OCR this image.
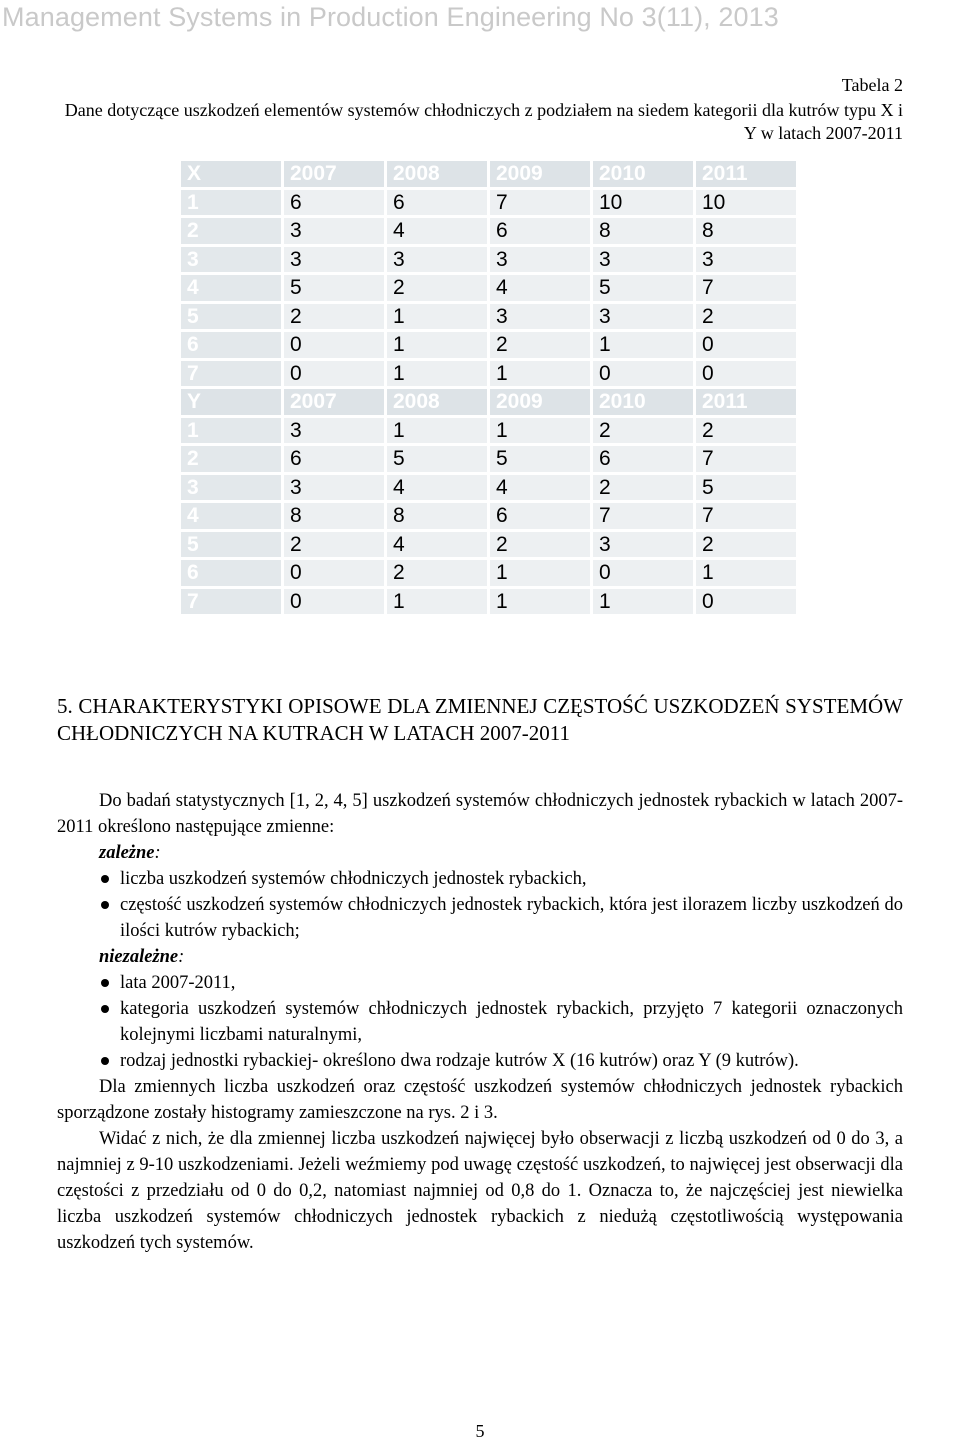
Management Systems in Production Engineering No 3(11), 2013
Tabela 2
Dane dotyczące uszkodzeń elementów systemów chłodniczych z podziałem na siedem kategorii dla kutrów typu X i Y w latach 2007-2011
X	2007	2008	2009	2010	2011
1	6	6	7	10	10
2	3	4	6	8	8
3	3	3	3	3	3
4	5	2	4	5	7
5	2	1	3	3	2
6	0	1	2	1	0
7	0	1	1	0	0
Y	2007	2008	2009	2010	2011
1	3	1	1	2	2
2	6	5	5	6	7
3	3	4	4	2	5
4	8	8	6	7	7
5	2	4	2	3	2
6	0	2	1	0	1
7	0	1	1	1	0
5. CHARAKTERYSTYKI OPISOWE DLA ZMIENNEJ CZĘSTOŚĆ USZKODZEŃ SYSTEMÓW CHŁODNICZYCH NA KUTRACH W LATACH 2007-2011

Do badań statystycznych [1, 2, 4, 5] uszkodzeń systemów chłodniczych jednostek rybackich w latach 2007-2011 określono następujące zmienne:

zależne:

liczba uszkodzeń systemów chłodniczych jednostek rybackich,
częstość uszkodzeń systemów chłodniczych jednostek rybackich, która jest ilorazem liczby uszkodzeń do ilości kutrów rybackich;

niezależne:

lata 2007-2011,
kategoria uszkodzeń systemów chłodniczych jednostek rybackich, przyjęto 7 kategorii oznaczonych kolejnymi liczbami naturalnymi,
rodzaj jednostki rybackiej- określono dwa rodzaje kutrów X (16 kutrów) oraz Y (9 kutrów).

Dla zmiennych liczba uszkodzeń oraz częstość uszkodzeń systemów chłodniczych jednostek rybackich sporządzone zostały histogramy zamieszczone na rys. 2 i 3.

Widać z nich, że dla zmiennej liczba uszkodzeń najwięcej było obserwacji z liczbą uszkodzeń od 0 do 3, a najmniej z 9-10 uszkodzeniami. Jeżeli weźmiemy pod uwagę częstość uszkodzeń, to najwięcej jest obserwacji dla częstości z przedziału od 0 do 0,2, natomiast najmniej od 0,8 do 1. Oznacza to, że najczęściej jest niewielka liczba uszkodzeń systemów chłodniczych jednostek rybackich z niedużą częstotliwością występowania uszkodzeń tych systemów.

5
